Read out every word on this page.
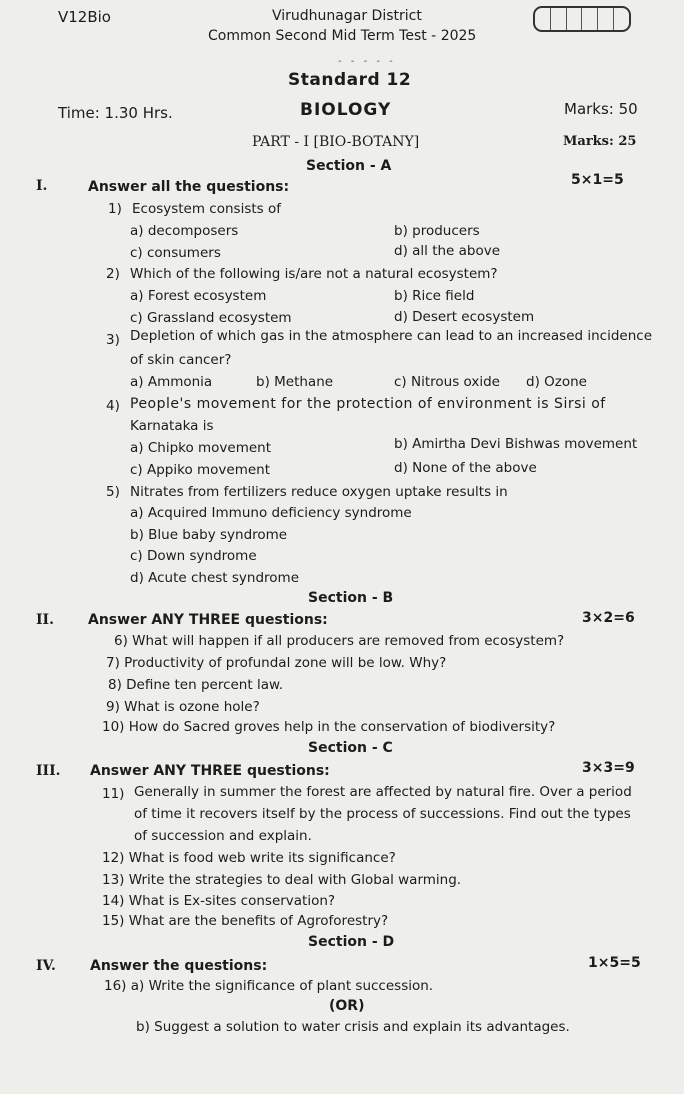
V12Bio	Virudhunagar District
Common Second Mid Term Test - 2025
- - - - -
Standard 12
Time: 1.30 Hrs.	BIOLOGY	Marks: 50
PART - I [BIO-BOTANY]	Marks: 25
Section - A
I.	Answer all the questions:	5×1=5
1) Ecosystem consists of
a) decomposers	b) producers
c) consumers	d) all the above
2) Which of the following is/are not a natural ecosystem?
a) Forest ecosystem	b) Rice field
c) Grassland ecosystem	d) Desert ecosystem
3) Depletion of which gas in the atmosphere can lead to an increased incidence
of skin cancer?
a) Ammonia	b) Methane	c) Nitrous oxide d) Ozone
4) People's movement for the protection of environment is Sirsi of
Karnataka is
a) Chipko movement	b) Amirtha Devi Bishwas movement
c) Appiko movement	d) None of the above
5) Nitrates from fertilizers reduce oxygen uptake results in
a) Acquired Immuno deficiency syndrome
b) Blue baby syndrome
c) Down syndrome
d) Acute chest syndrome
Section - B
II. Answer ANY THREE questions:	3×2=6
6) What will happen if all producers are removed from ecosystem?
7) Productivity of profundal zone will be low. Why?
8) Define ten percent law.
9) What is ozone hole?
10) How do Sacred groves help in the conservation of biodiversity?
Section - C
III. Answer ANY THREE questions:	3×3=9
11) Generally in summer the forest are affected by natural fire. Over a period
of time it recovers itself by the process of successions. Find out the types
of succession and explain.
12) What is food web write its significance?
13) Write the strategies to deal with Global warming.
14) What is Ex-sites conservation?
15) What are the benefits of Agroforestry?
Section - D
IV. Answer the questions:	1×5=5
16) a) Write the significance of plant succession.
(OR)
b) Suggest a solution to water crisis and explain its advantages.
